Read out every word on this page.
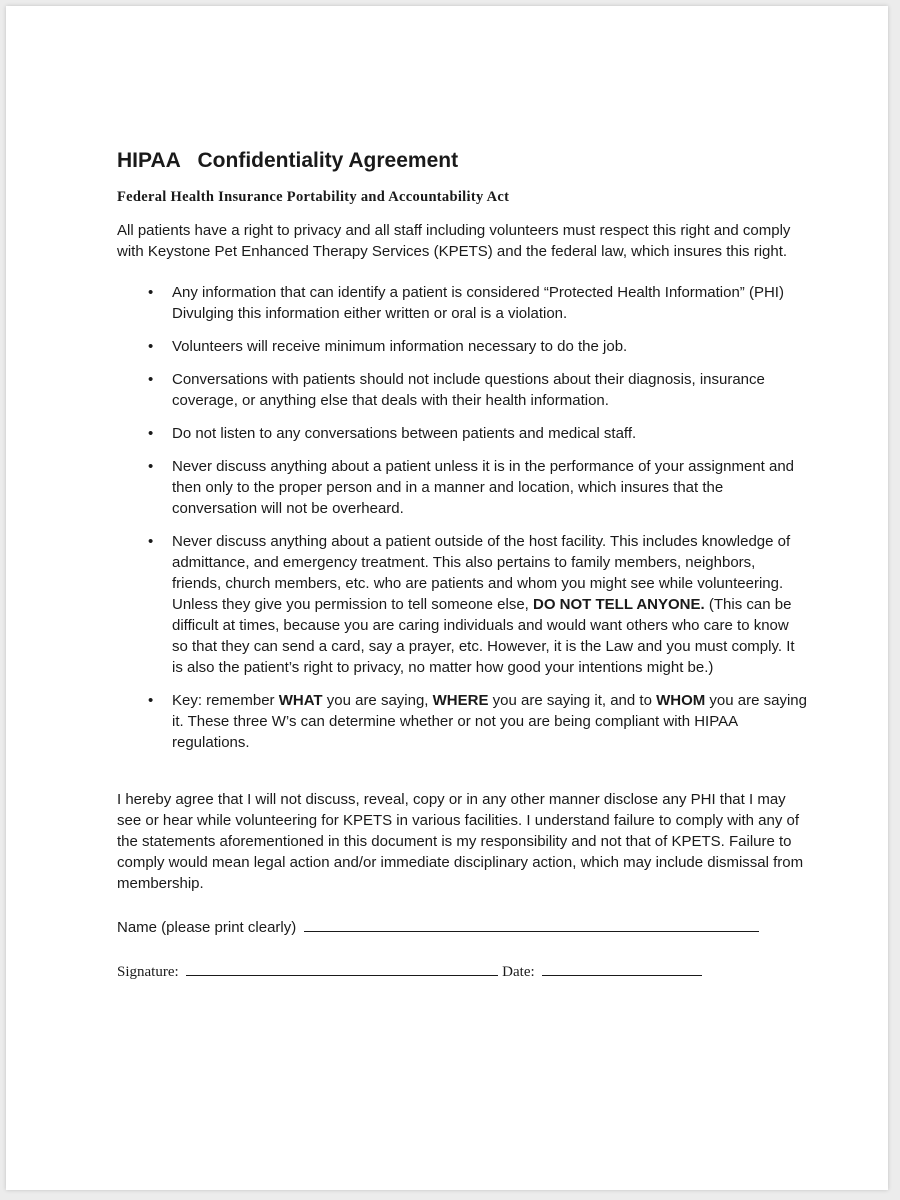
HIPAA   Confidentiality Agreement
Federal Health Insurance Portability and Accountability Act

All patients have a right to privacy and all staff including volunteers must respect this right and comply with Keystone Pet Enhanced Therapy Services (KPETS) and the federal law, which insures this right.

• Any information that can identify a patient is considered “Protected Health Information” (PHI) Divulging this information either written or oral is a violation.
• Volunteers will receive minimum information necessary to do the job.
• Conversations with patients should not include questions about their diagnosis, insurance coverage, or anything else that deals with their health information.
• Do not listen to any conversations between patients and medical staff.
• Never discuss anything about a patient unless it is in the performance of your assignment and then only to the proper person and in a manner and location, which insures that the conversation will not be overheard.
• Never discuss anything about a patient outside of the host facility. This includes knowledge of admittance, and emergency treatment. This also pertains to family members, neighbors, friends, church members, etc. who are patients and whom you might see while volunteering. Unless they give you permission to tell someone else, DO NOT TELL ANYONE. (This can be difficult at times, because you are caring individuals and would want others who care to know so that they can send a card, say a prayer, etc. However, it is the Law and you must comply. It is also the patient’s right to privacy, no matter how good your intentions might be.)
• Key: remember WHAT you are saying, WHERE you are saying it, and to WHOM you are saying it. These three W’s can determine whether or not you are being compliant with HIPAA regulations.

I hereby agree that I will not discuss, reveal, copy or in any other manner disclose any PHI that I may see or hear while volunteering for KPETS in various facilities. I understand failure to comply with any of the statements aforementioned in this document is my responsibility and not that of KPETS. Failure to comply would mean legal action and/or immediate disciplinary action, which may include dismissal from membership.

Name (please print clearly)
Signature:	Date:
